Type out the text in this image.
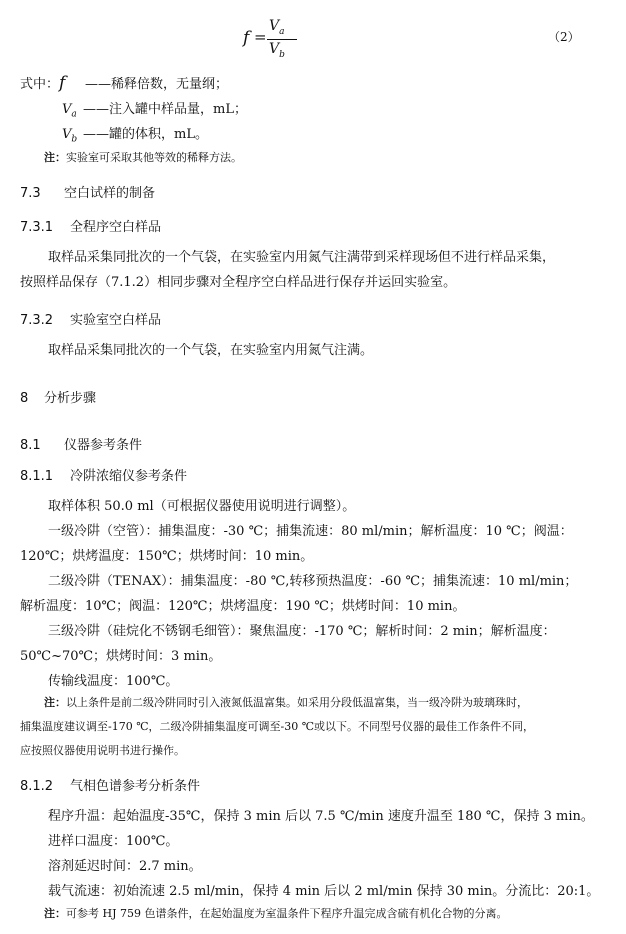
f =
$V_a$
$V_b$
（2）
式中：f ——稀释倍数，无量纲；
$V_a$ ——注入罐中样品量，mL；
$V_b$ ——罐的体积，mL。
注：实验室可采取其他等效的稀释方法。
7.3 空白试样的制备
7.3.1 全程序空白样品
取样品采集同批次的一个气袋，在实验室内用氮气注满带到采样现场但不进行样品采集，
按照样品保存（7.1.2）相同步骤对全程序空白样品进行保存并运回实验室。
7.3.2 实验室空白样品
取样品采集同批次的一个气袋，在实验室内用氮气注满。
8 分析步骤
8.1 仪器参考条件
8.1.1 冷阱浓缩仪参考条件
取样体积 50.0 ml（可根据仪器使用说明进行调整）。
一级冷阱（空管）：捕集温度：-30 ℃；捕集流速：80 ml/min；解析温度：10 ℃；阀温：
120℃；烘烤温度：150℃；烘烤时间：10 min。
二级冷阱（TENAX）：捕集温度：-80 ℃,转移预热温度：-60 ℃；捕集流速：10 ml/min；
解析温度：10℃；阀温：120℃；烘烤温度：190 ℃；烘烤时间：10 min。
三级冷阱（硅烷化不锈钢毛细管）：聚焦温度：-170 ℃；解析时间：2 min；解析温度：
50℃~70℃；烘烤时间：3 min。
传输线温度：100℃。
注：以上条件是前二级冷阱同时引入液氮低温富集。如采用分段低温富集，当一级冷阱为玻璃珠时，
捕集温度建议调至-170 ℃，二级冷阱捕集温度可调至-30 ℃或以下。不同型号仪器的最佳工作条件不同，
应按照仪器使用说明书进行操作。
8.1.2 气相色谱参考分析条件
程序升温：起始温度-35℃，保持 3 min 后以 7.5 ℃/min 速度升温至 180 ℃，保持 3 min。
进样口温度：100℃。
溶剂延迟时间：2.7 min。
载气流速：初始流速 2.5 ml/min，保持 4 min 后以 2 ml/min 保持 30 min。分流比：20:1。
注：可参考 HJ 759 色谱条件，在起始温度为室温条件下程序升温完成含硫有机化合物的分离。
